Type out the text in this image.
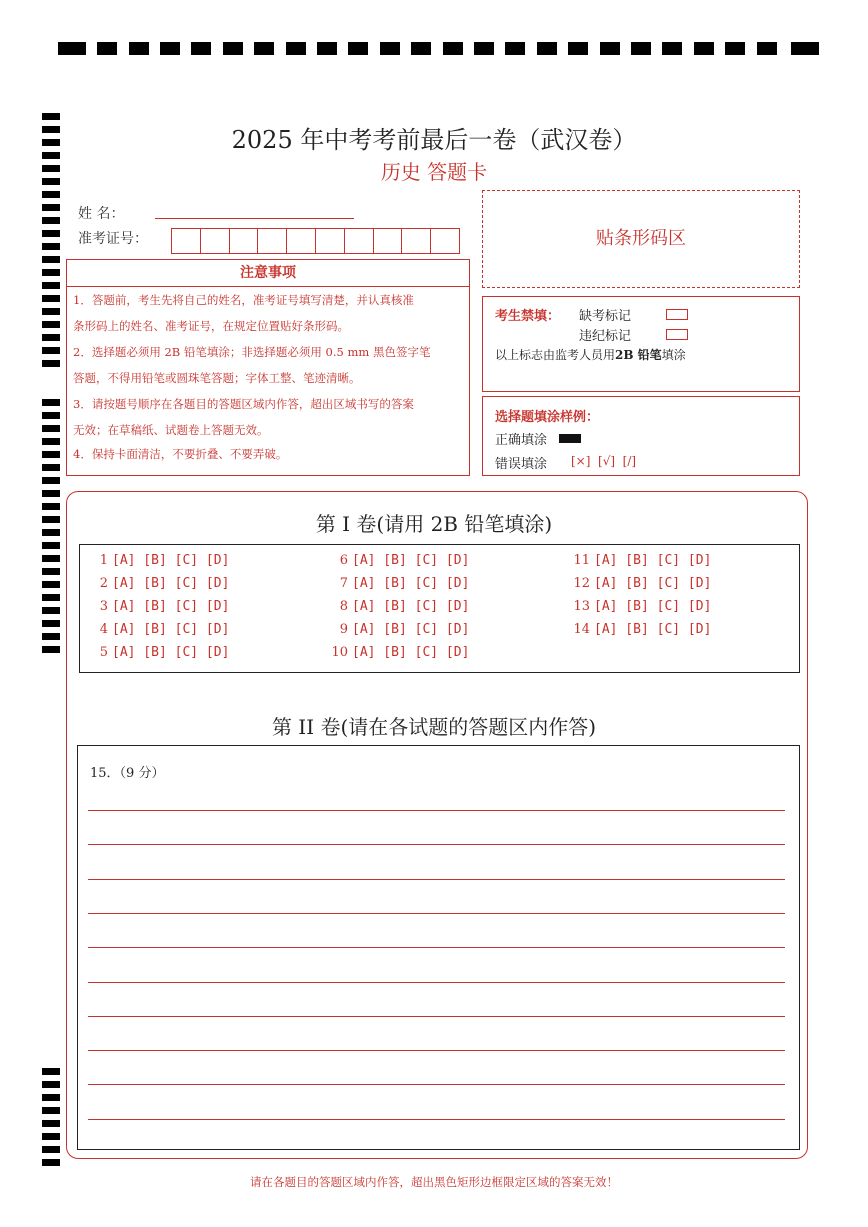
2025 年中考考前最后一卷（武汉卷）
历史 答题卡
姓 名：
准考证号：
注意事项
1．答题前，考生先将自己的姓名，准考证号填写清楚，并认真核准
条形码上的姓名、准考证号，在规定位置贴好条形码。
2．选择题必须用 2B 铅笔填涂；非选择题必须用 0.5 mm 黑色签字笔
答题，不得用铅笔或圆珠笔答题；字体工整、笔迹清晰。
3．请按题号顺序在各题目的答题区域内作答，超出区域书写的答案
无效；在草稿纸、试题卷上答题无效。
4．保持卡面清洁，不要折叠、不要弄破。
贴条形码区
考生禁填： 缺考标记
违纪标记
以上标志由监考人员用2B 铅笔填涂
选择题填涂样例：
正确填涂
错误填涂 [×]  [√]  [/]
第 I 卷(请用 2B 铅笔填涂)
1 [A] [B] [C] [D]
2 [A] [B] [C] [D]
3 [A] [B] [C] [D]
4 [A] [B] [C] [D]
5 [A] [B] [C] [D]
6 [A] [B] [C] [D]
7 [A] [B] [C] [D]
8 [A] [B] [C] [D]
9 [A] [B] [C] [D]
10 [A] [B] [C] [D]
11 [A] [B] [C] [D]
12 [A] [B] [C] [D]
13 [A] [B] [C] [D]
14 [A] [B] [C] [D]
第 II 卷(请在各试题的答题区内作答)
15．（9 分）
请在各题目的答题区域内作答，超出黑色矩形边框限定区域的答案无效！
